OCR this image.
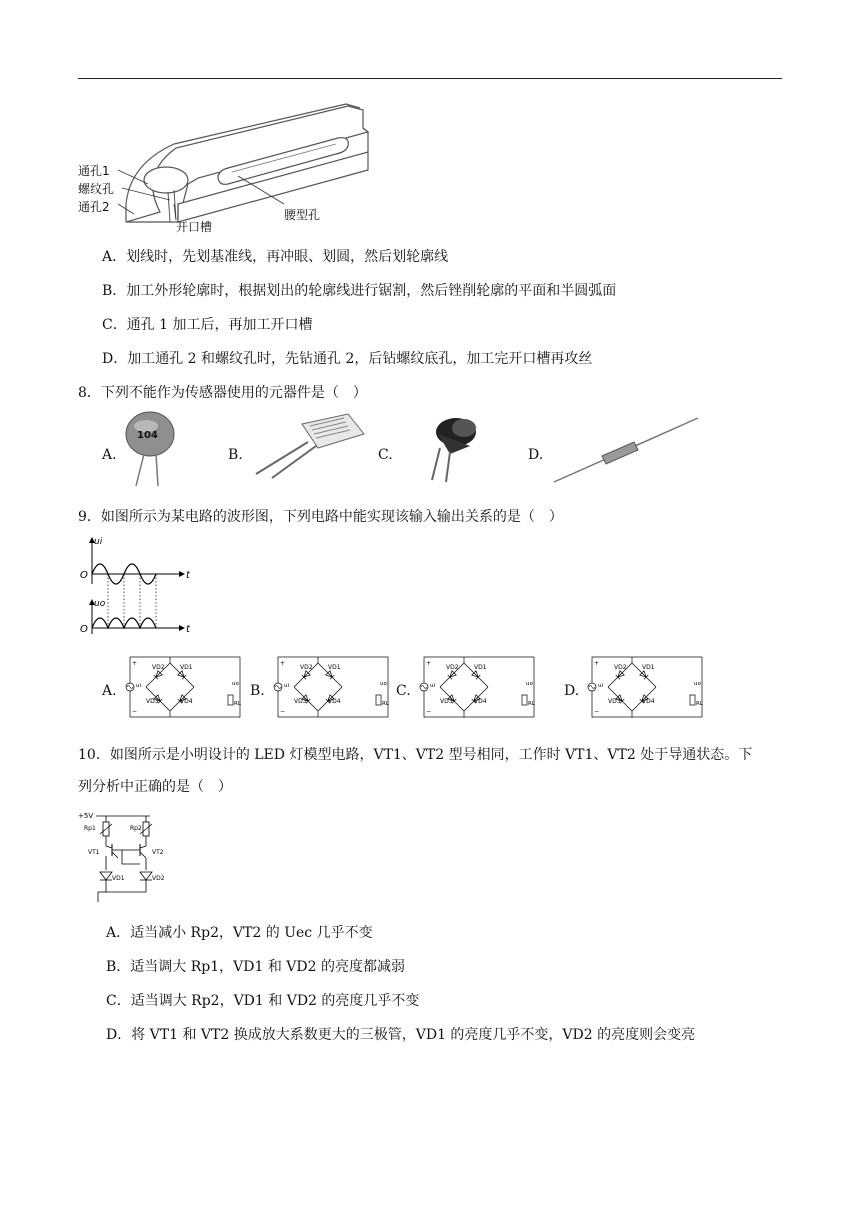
通孔1
螺纹孔
通孔2
开口槽
腰型孔
A．划线时，先划基准线，再冲眼、划圆，然后划轮廓线
B．加工外形轮廓时，根据划出的轮廓线进行锯割，然后锉削轮廓的平面和半圆弧面
C．通孔 1 加工后，再加工开口槽
D．加工通孔 2 和螺纹孔时，先钻通孔 2，后钻螺纹底孔，加工完开口槽再攻丝
8．下列不能作为传感器使用的元器件是（　）
A.
104
B.	C.	D.
9．如图所示为某电路的波形图，下列电路中能实现该输入输出关系的是（　）
ui
O	t
uo
O	t
A.	B.	C.	D.
ui
+
−
VD2	VD1
VD3	VD4
uo
RL
ui
+
−
VD2	VD1
VD3	VD4
uo
RL
ui
+
−
VD2	VD1
VD3	VD4
uo
RL
ui
+
−
VD2	VD1
VD3	VD4
uo
RL
10．如图所示是小明设计的 LED 灯模型电路，VT1、VT2 型号相同，工作时 VT1、VT2 处于导通状态。下
列分析中正确的是（　）
+5V
Rp1	Rp2
VT1	VT2
VD1	VD2
A．适当减小 Rp2，VT2 的 Uec 几乎不变
B．适当调大 Rp1，VD1 和 VD2 的亮度都减弱
C．适当调大 Rp2，VD1 和 VD2 的亮度几乎不变
D．将 VT1 和 VT2 换成放大系数更大的三极管，VD1 的亮度几乎不变，VD2 的亮度则会变亮
